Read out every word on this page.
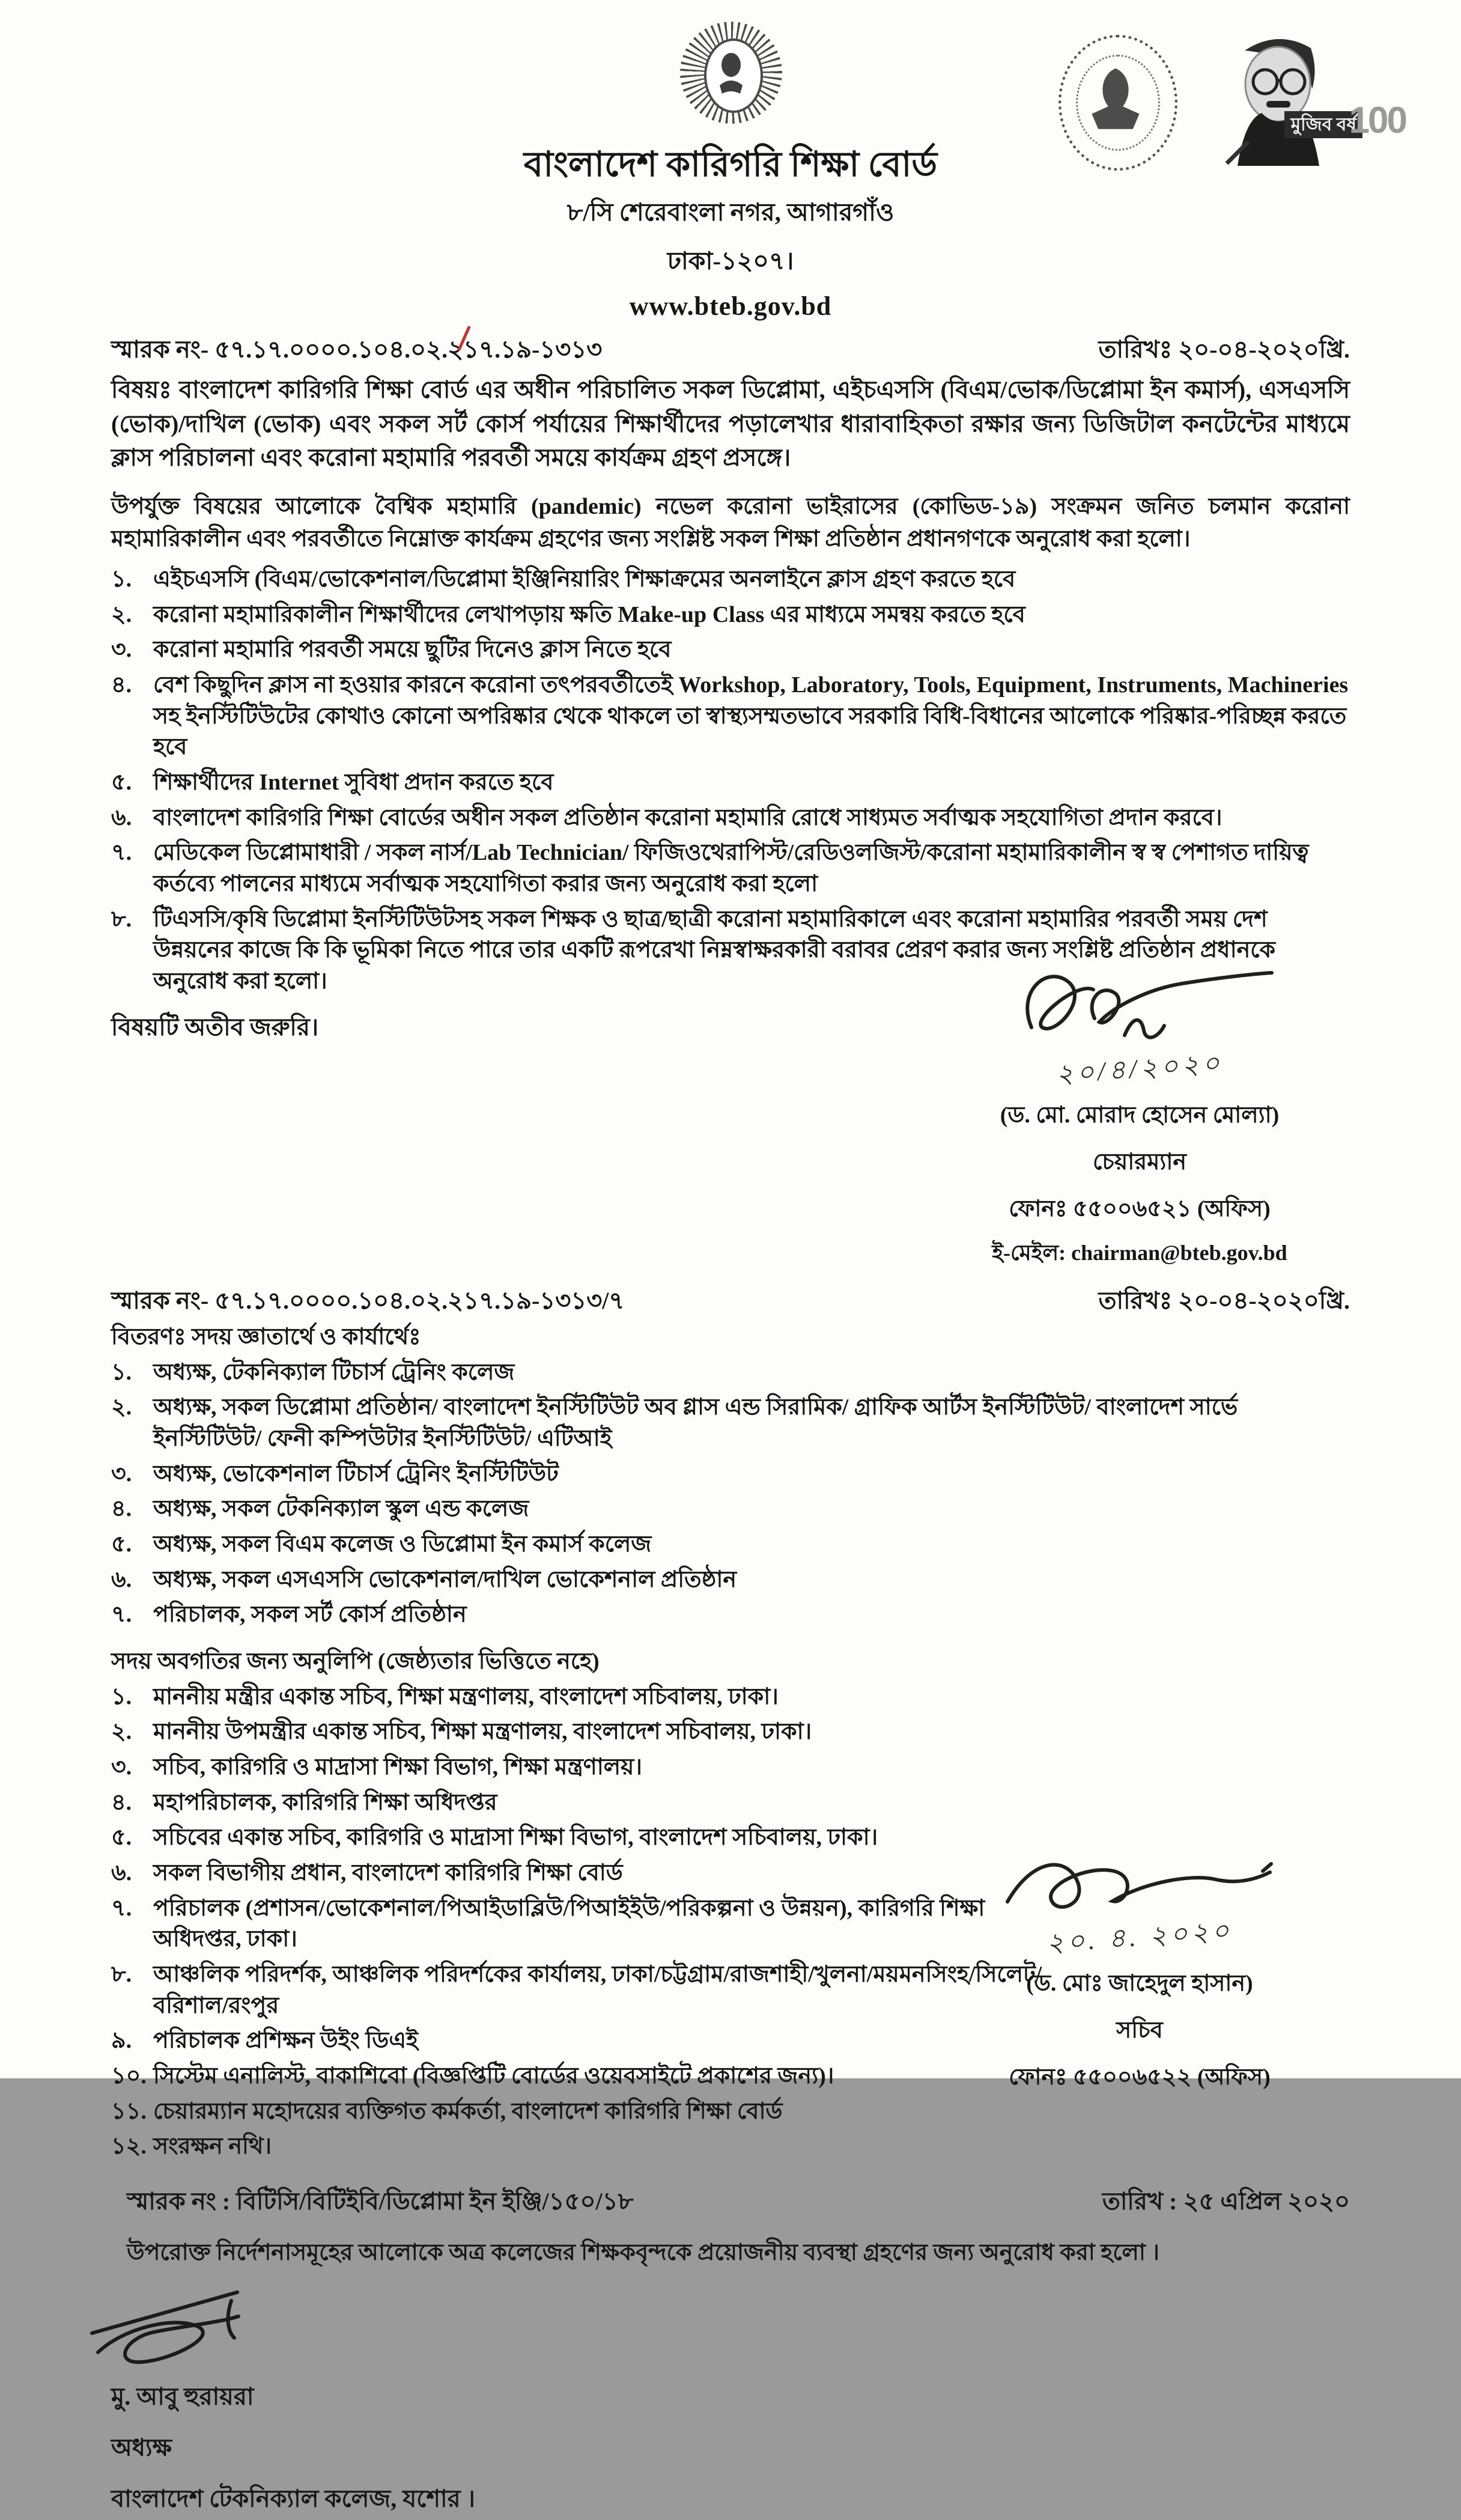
মুজিব বর্ষ
100
বাংলাদেশ কারিগরি শিক্ষা বোর্ড
৮/সি শেরেবাংলা নগর, আগারগাঁও
ঢাকা-১২০৭।
www.bteb.gov.bd
স্মারক নং- ৫৭.১৭.০০০০.১০৪.০২.২১৭.১৯-১৩১৩	তারিখঃ ২০-০৪-২০২০খ্রি.
বিষয়ঃ বাংলাদেশ কারিগরি শিক্ষা বোর্ড এর অধীন পরিচালিত সকল ডিপ্লোমা, এইচএসসি (বিএম/ভোক/ডিপ্লোমা ইন কমার্স), এসএসসি (ভোক)/দাখিল (ভোক) এবং সকল সর্ট কোর্স পর্যায়ের শিক্ষার্থীদের পড়ালেখার ধারাবাহিকতা রক্ষার জন্য ডিজিটাল কনটেন্টের মাধ্যমে ক্লাস পরিচালনা এবং করোনা মহামারি পরবর্তী সময়ে কার্যক্রম গ্রহণ প্রসঙ্গে।
উপর্যুক্ত বিষয়ের আলোকে বৈশ্বিক মহামারি (pandemic) নভেল করোনা ভাইরাসের (কোভিড-১৯) সংক্রমন জনিত চলমান করোনা মহামারিকালীন এবং পরবর্তীতে নিম্নোক্ত কার্যক্রম গ্রহণের জন্য সংশ্লিষ্ট সকল শিক্ষা প্রতিষ্ঠান প্রধানগণকে অনুরোধ করা হলো।
১. এইচএসসি (বিএম/ভোকেশনাল/ডিপ্লোমা ইঞ্জিনিয়ারিং শিক্ষাক্রমের অনলাইনে ক্লাস গ্রহণ করতে হবে
২. করোনা মহামারিকালীন শিক্ষার্থীদের লেখাপড়ায় ক্ষতি Make-up Class এর মাধ্যমে সমন্বয় করতে হবে
৩. করোনা মহামারি পরবর্তী সময়ে ছুটির দিনেও ক্লাস নিতে হবে
৪. বেশ কিছুদিন ক্লাস না হওয়ার কারনে করোনা তৎপরবর্তীতেই Workshop, Laboratory, Tools, Equipment, Instruments, Machineries সহ ইনস্টিটিউটের কোথাও কোনো অপরিষ্কার থেকে থাকলে তা স্বাস্থ্যসম্মতভাবে সরকারি বিধি-বিধানের আলোকে পরিষ্কার-পরিচ্ছন্ন করতে হবে
৫. শিক্ষার্থীদের Internet সুবিধা প্রদান করতে হবে
৬. বাংলাদেশ কারিগরি শিক্ষা বোর্ডের অধীন সকল প্রতিষ্ঠান করোনা মহামারি রোধে সাধ্যমত সর্বাত্মক সহযোগিতা প্রদান করবে।
৭. মেডিকেল ডিপ্লোমাধারী / সকল নার্স/Lab Technician/ ফিজিওথেরাপিস্ট/রেডিওলজিস্ট/করোনা মহামারিকালীন স্ব স্ব পেশাগত দায়িত্ব কর্তব্যে পালনের মাধ্যমে সর্বাত্মক সহযোগিতা করার জন্য অনুরোধ করা হলো
৮. টিএসসি/কৃষি ডিপ্লোমা ইনস্টিটিউটসহ সকল শিক্ষক ও ছাত্র/ছাত্রী করোনা মহামারিকালে এবং করোনা মহামারির পরবর্তী সময় দেশ উন্নয়নের কাজে কি কি ভূমিকা নিতে পারে তার একটি রূপরেখা নিম্নস্বাক্ষরকারী বরাবর প্রেরণ করার জন্য সংশ্লিষ্ট প্রতিষ্ঠান প্রধানকে অনুরোধ করা হলো।
বিষয়টি অতীব জরুরি।
২০/৪/২০২০
(ড. মো. মোরাদ হোসেন মোল্যা)
চেয়ারম্যান
ফোনঃ ৫৫০০৬৫২১ (অফিস)
ই-মেইল: chairman@bteb.gov.bd
স্মারক নং- ৫৭.১৭.০০০০.১০৪.০২.২১৭.১৯-১৩১৩/৭	তারিখঃ ২০-০৪-২০২০খ্রি.
বিতরণঃ সদয় জ্ঞাতার্থে ও কার্যার্থেঃ
১. অধ্যক্ষ, টেকনিক্যাল টিচার্স ট্রেনিং কলেজ
২. অধ্যক্ষ, সকল ডিপ্লোমা প্রতিষ্ঠান/ বাংলাদেশ ইনস্টিটিউট অব গ্লাস এন্ড সিরামিক/ গ্রাফিক আর্টস ইনস্টিটিউট/ বাংলাদেশ সার্ভে ইনস্টিটিউট/ ফেনী কম্পিউটার ইনস্টিটিউট/ এটিআই
৩. অধ্যক্ষ, ভোকেশনাল টিচার্স ট্রেনিং ইনস্টিটিউট
৪. অধ্যক্ষ, সকল টেকনিক্যাল স্কুল এন্ড কলেজ
৫. অধ্যক্ষ, সকল বিএম কলেজ ও ডিপ্লোমা ইন কমার্স কলেজ
৬. অধ্যক্ষ, সকল এসএসসি ভোকেশনাল/দাখিল ভোকেশনাল প্রতিষ্ঠান
৭. পরিচালক, সকল সর্ট কোর্স প্রতিষ্ঠান
সদয় অবগতির জন্য অনুলিপি (জেষ্ঠ্যতার ভিত্তিতে নহে)
১. মাননীয় মন্ত্রীর একান্ত সচিব, শিক্ষা মন্ত্রণালয়, বাংলাদেশ সচিবালয়, ঢাকা।
২. মাননীয় উপমন্ত্রীর একান্ত সচিব, শিক্ষা মন্ত্রণালয়, বাংলাদেশ সচিবালয়, ঢাকা।
৩. সচিব, কারিগরি ও মাদ্রাসা শিক্ষা বিভাগ, শিক্ষা মন্ত্রণালয়।
৪. মহাপরিচালক, কারিগরি শিক্ষা অধিদপ্তর
৫. সচিবের একান্ত সচিব, কারিগরি ও মাদ্রাসা শিক্ষা বিভাগ, বাংলাদেশ সচিবালয়, ঢাকা।
৬. সকল বিভাগীয় প্রধান, বাংলাদেশ কারিগরি শিক্ষা বোর্ড
৭. পরিচালক (প্রশাসন/ভোকেশনাল/পিআইডাব্লিউ/পিআইইউ/পরিকল্পনা ও উন্নয়ন), কারিগরি শিক্ষা অধিদপ্তর, ঢাকা।
৮. আঞ্চলিক পরিদর্শক, আঞ্চলিক পরিদর্শকের কার্যালয়, ঢাকা/চট্টগ্রাম/রাজশাহী/খুলনা/ময়মনসিংহ/সিলেট/বরিশাল/রংপুর
৯. পরিচালক প্রশিক্ষন উইং ডিএই
১০. সিস্টেম এনালিস্ট, বাকাশিবো (বিজ্ঞপ্তিটি বোর্ডের ওয়েবসাইটে প্রকাশের জন্য)।
১১. চেয়ারম্যান মহোদয়ের ব্যক্তিগত কর্মকর্তা, বাংলাদেশ কারিগরি শিক্ষা বোর্ড
১২. সংরক্ষন নথি।
২০. ৪. ২০২০
(ড. মোঃ জাহেদুল হাসান)
সচিব
ফোনঃ ৫৫০০৬৫২২ (অফিস)
স্মারক নং : বিটিসি/বিটিইবি/ডিপ্লোমা ইন ইঞ্জি/১৫০/১৮	তারিখ : ২৫ এপ্রিল ২০২০
উপরোক্ত নির্দেশনাসমূহের আলোকে অত্র কলেজের শিক্ষকবৃন্দকে প্রয়োজনীয় ব্যবস্থা গ্রহণের জন্য অনুরোধ করা হলো ।
মু. আবু হুরায়রা
অধ্যক্ষ
বাংলাদেশ টেকনিক্যাল কলেজ, যশোর ।
